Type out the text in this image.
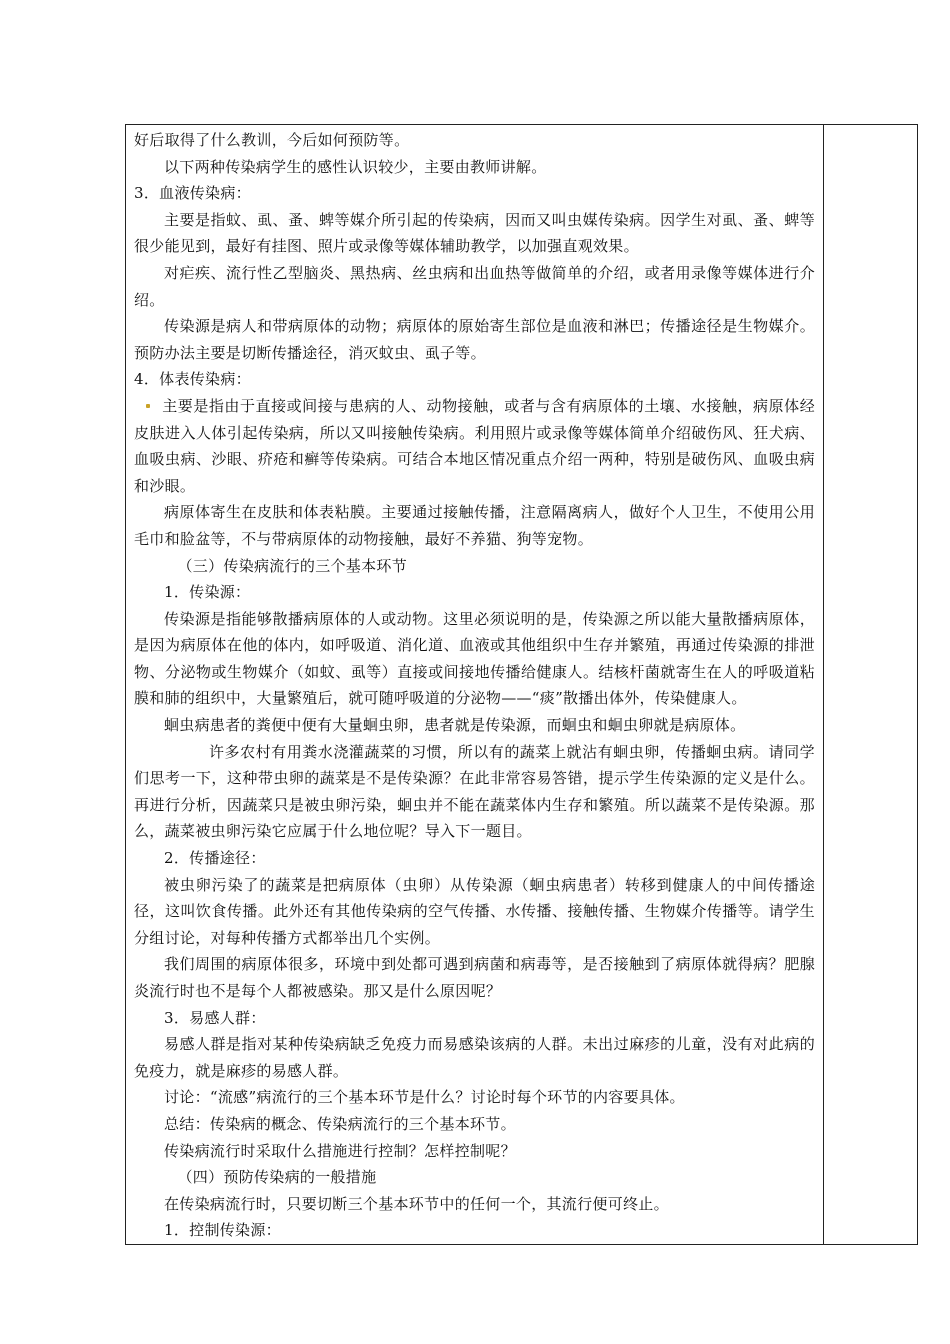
好后取得了什么教训，今后如何预防等。

以下两种传染病学生的感性认识较少，主要由教师讲解。

3．血液传染病：

主要是指蚊、虱、蚤、蜱等媒介所引起的传染病，因而又叫虫媒传染病。因学生对虱、蚤、蜱等很少能见到，最好有挂图、照片或录像等媒体辅助教学，以加强直观效果。

对疟疾、流行性乙型脑炎、黑热病、丝虫病和出血热等做简单的介绍，或者用录像等媒体进行介绍。

传染源是病人和带病原体的动物；病原体的原始寄生部位是血液和淋巴；传播途径是生物媒介。预防办法主要是切断传播途径，消灭蚊虫、虱子等。

4．体表传染病：

主要是指由于直接或间接与患病的人、动物接触，或者与含有病原体的土壤、水接触，病原体经皮肤进入人体引起传染病，所以又叫接触传染病。利用照片或录像等媒体简单介绍破伤风、狂犬病、血吸虫病、沙眼、疥疮和癣等传染病。可结合本地区情况重点介绍一两种，特别是破伤风、血吸虫病和沙眼。

病原体寄生在皮肤和体表粘膜。主要通过接触传播，注意隔离病人，做好个人卫生，不使用公用毛巾和脸盆等，不与带病原体的动物接触，最好不养猫、狗等宠物。

（三）传染病流行的三个基本环节

1．传染源：

传染源是指能够散播病原体的人或动物。这里必须说明的是，传染源之所以能大量散播病原体，是因为病原体在他的体内，如呼吸道、消化道、血液或其他组织中生存并繁殖，再通过传染源的排泄物、分泌物或生物媒介（如蚊、虱等）直接或间接地传播给健康人。结核杆菌就寄生在人的呼吸道粘膜和肺的组织中，大量繁殖后，就可随呼吸道的分泌物——“痰”散播出体外，传染健康人。

蛔虫病患者的粪便中便有大量蛔虫卵，患者就是传染源，而蛔虫和蛔虫卵就是病原体。

许多农村有用粪水浇灌蔬菜的习惯，所以有的蔬菜上就沾有蛔虫卵，传播蛔虫病。请同学们思考一下，这种带虫卵的蔬菜是不是传染源？在此非常容易答错，提示学生传染源的定义是什么。再进行分析，因蔬菜只是被虫卵污染，蛔虫并不能在蔬菜体内生存和繁殖。所以蔬菜不是传染源。那么，蔬菜被虫卵污染它应属于什么地位呢？导入下一题目。

2．传播途径：

被虫卵污染了的蔬菜是把病原体（虫卵）从传染源（蛔虫病患者）转移到健康人的中间传播途径，这叫饮食传播。此外还有其他传染病的空气传播、水传播、接触传播、生物媒介传播等。请学生分组讨论，对每种传播方式都举出几个实例。

我们周围的病原体很多，环境中到处都可遇到病菌和病毒等，是否接触到了病原体就得病？肥腺炎流行时也不是每个人都被感染。那又是什么原因呢？

3．易感人群：

易感人群是指对某种传染病缺乏免疫力而易感染该病的人群。未出过麻疹的儿童，没有对此病的免疫力，就是麻疹的易感人群。

讨论：“流感”病流行的三个基本环节是什么？讨论时每个环节的内容要具体。

总结：传染病的概念、传染病流行的三个基本环节。

传染病流行时采取什么措施进行控制？怎样控制呢？

（四）预防传染病的一般措施

在传染病流行时，只要切断三个基本环节中的任何一个，其流行便可终止。

1．控制传染源：
